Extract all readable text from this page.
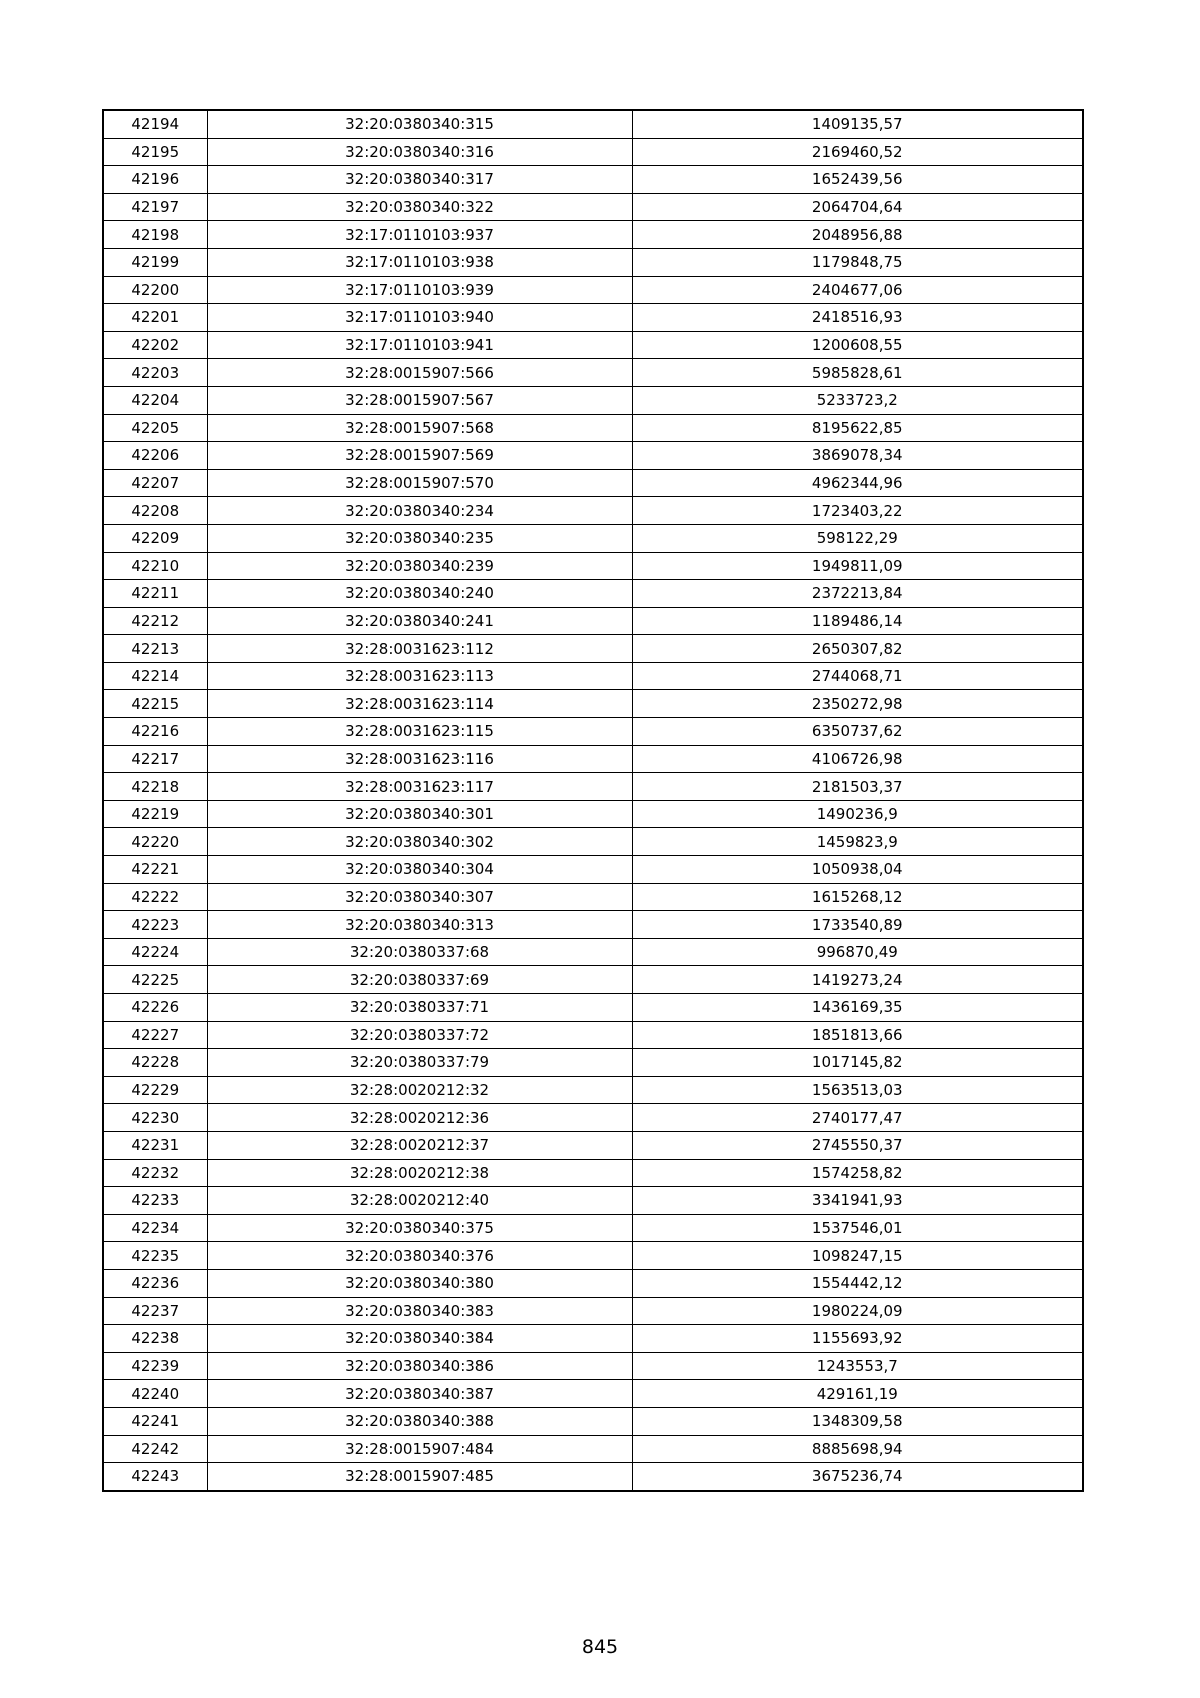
42194	32:20:0380340:315	1409135,57
42195	32:20:0380340:316	2169460,52
42196	32:20:0380340:317	1652439,56
42197	32:20:0380340:322	2064704,64
42198	32:17:0110103:937	2048956,88
42199	32:17:0110103:938	1179848,75
42200	32:17:0110103:939	2404677,06
42201	32:17:0110103:940	2418516,93
42202	32:17:0110103:941	1200608,55
42203	32:28:0015907:566	5985828,61
42204	32:28:0015907:567	5233723,2
42205	32:28:0015907:568	8195622,85
42206	32:28:0015907:569	3869078,34
42207	32:28:0015907:570	4962344,96
42208	32:20:0380340:234	1723403,22
42209	32:20:0380340:235	598122,29
42210	32:20:0380340:239	1949811,09
42211	32:20:0380340:240	2372213,84
42212	32:20:0380340:241	1189486,14
42213	32:28:0031623:112	2650307,82
42214	32:28:0031623:113	2744068,71
42215	32:28:0031623:114	2350272,98
42216	32:28:0031623:115	6350737,62
42217	32:28:0031623:116	4106726,98
42218	32:28:0031623:117	2181503,37
42219	32:20:0380340:301	1490236,9
42220	32:20:0380340:302	1459823,9
42221	32:20:0380340:304	1050938,04
42222	32:20:0380340:307	1615268,12
42223	32:20:0380340:313	1733540,89
42224	32:20:0380337:68	996870,49
42225	32:20:0380337:69	1419273,24
42226	32:20:0380337:71	1436169,35
42227	32:20:0380337:72	1851813,66
42228	32:20:0380337:79	1017145,82
42229	32:28:0020212:32	1563513,03
42230	32:28:0020212:36	2740177,47
42231	32:28:0020212:37	2745550,37
42232	32:28:0020212:38	1574258,82
42233	32:28:0020212:40	3341941,93
42234	32:20:0380340:375	1537546,01
42235	32:20:0380340:376	1098247,15
42236	32:20:0380340:380	1554442,12
42237	32:20:0380340:383	1980224,09
42238	32:20:0380340:384	1155693,92
42239	32:20:0380340:386	1243553,7
42240	32:20:0380340:387	429161,19
42241	32:20:0380340:388	1348309,58
42242	32:28:0015907:484	8885698,94
42243	32:28:0015907:485	3675236,74
845
